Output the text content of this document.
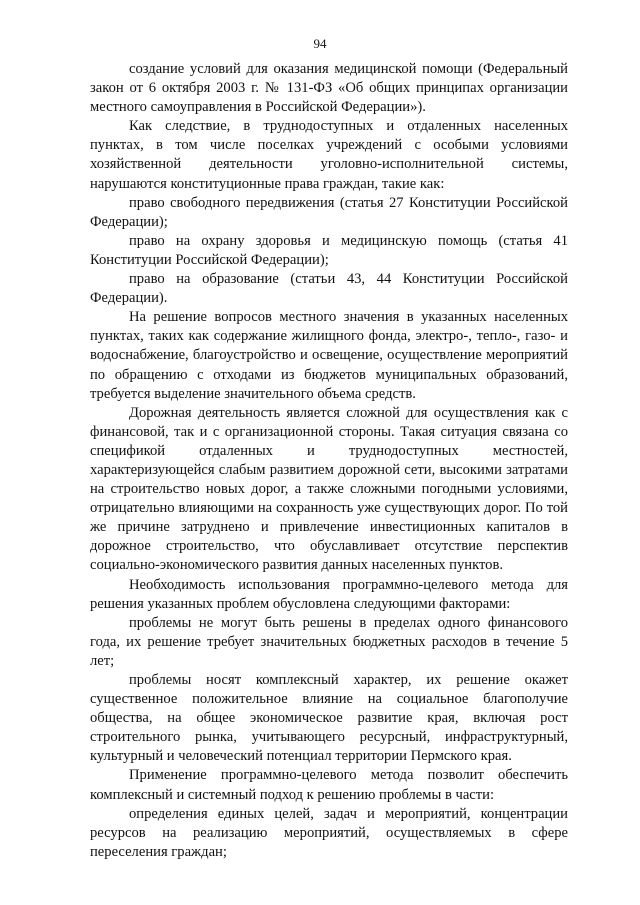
94

создание условий для оказания медицинской помощи (Федеральный закон от 6 октября 2003 г. № 131-ФЗ «Об общих принципах организации местного самоуправления в Российской Федерации»).

Как следствие, в труднодоступных и отдаленных населенных пунктах, в том числе поселках учреждений с особыми условиями хозяйственной деятельности уголовно-исполнительной системы, нарушаются конституционные права граждан, такие как:

право свободного передвижения (статья 27 Конституции Российской Федерации);

право на охрану здоровья и медицинскую помощь (статья 41 Конституции Российской Федерации);

право на образование (статьи 43, 44 Конституции Российской Федерации).

На решение вопросов местного значения в указанных населенных пунктах, таких как содержание жилищного фонда, электро-, тепло-, газо- и водоснабжение, благоустройство и освещение, осуществление мероприятий по обращению с отходами из бюджетов муниципальных образований, требуется выделение значительного объема средств.

Дорожная деятельность является сложной для осуществления как с финансовой, так и с организационной стороны. Такая ситуация связана со спецификой отдаленных и труднодоступных местностей, характеризующейся слабым развитием дорожной сети, высокими затратами на строительство новых дорог, а также сложными погодными условиями, отрицательно влияющими на сохранность уже существующих дорог. По той же причине затруднено и привлечение инвестиционных капиталов в дорожное строительство, что обуславливает отсутствие перспектив социально-экономического развития данных населенных пунктов.

Необходимость использования программно-целевого метода для решения указанных проблем обусловлена следующими факторами:

проблемы не могут быть решены в пределах одного финансового года, их решение требует значительных бюджетных расходов в течение 5 лет;

проблемы носят комплексный характер, их решение окажет существенное положительное влияние на социальное благополучие общества, на общее экономическое развитие края, включая рост строительного рынка, учитывающего ресурсный, инфраструктурный, культурный и человеческий потенциал территории Пермского края.

Применение программно-целевого метода позволит обеспечить комплексный и системный подход к решению проблемы в части:

определения единых целей, задач и мероприятий, концентрации ресурсов на реализацию мероприятий, осуществляемых в сфере переселения граждан;
